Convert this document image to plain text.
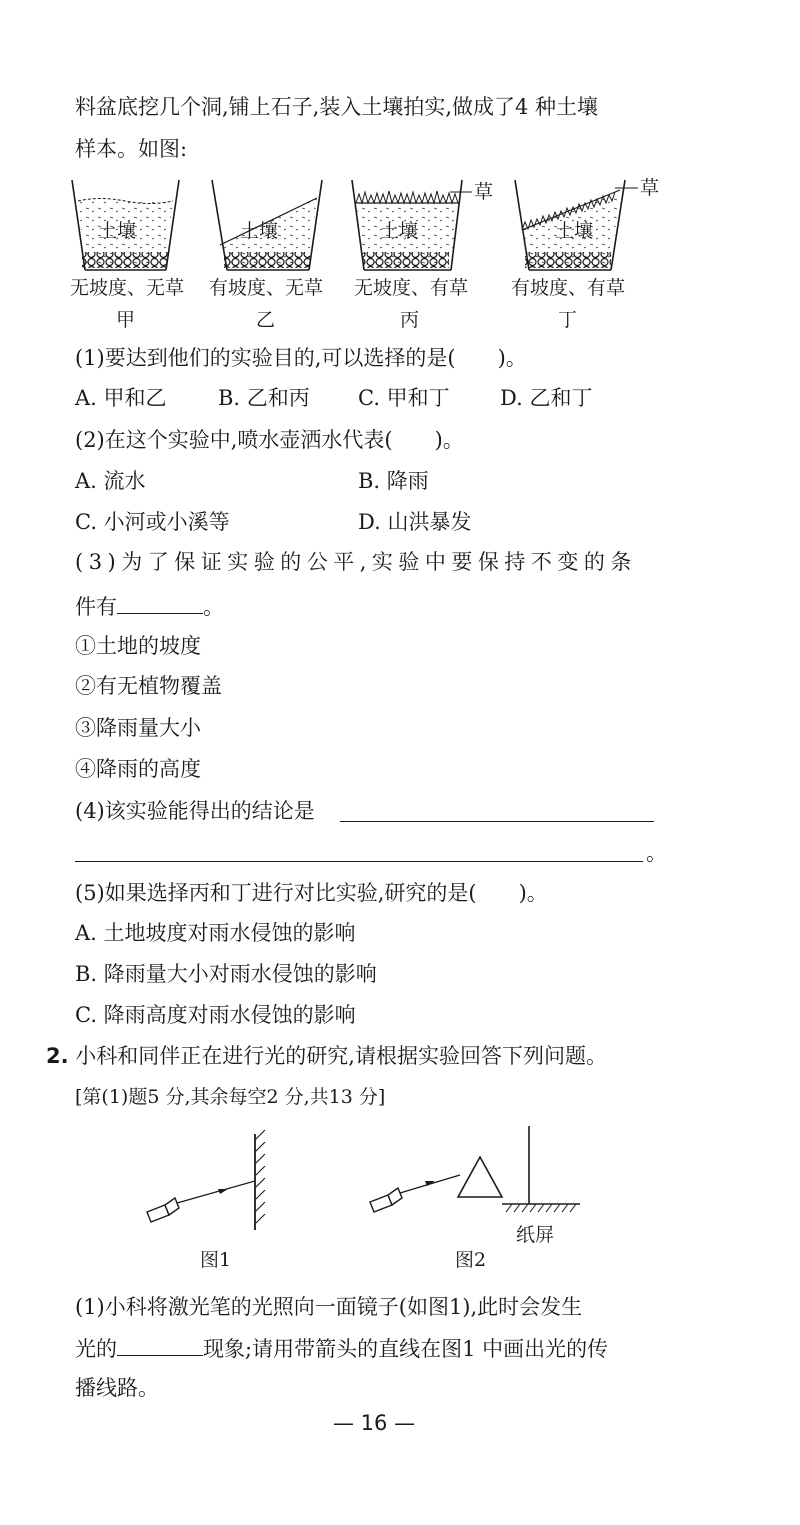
料盆底挖几个洞,铺上石子,装入土壤拍实,做成了4 种土壤
样本。如图:
土壤	土壤	土壤
草
土壤
草
无坡度、无草
甲
有坡度、无草
乙
无坡度、有草
丙
有坡度、有草
丁
(1)要达到他们的实验目的,可以选择的是(　　)。
A. 甲和乙 B. 乙和丙 C. 甲和丁 D. 乙和丁
(2)在这个实验中,喷水壶洒水代表(　　)。
A. 流水	B. 降雨
C. 小河或小溪等	D. 山洪暴发
(3)为了保证实验的公平,实验中要保持不变的条
件有	。
①土地的坡度
②有无植物覆盖
③降雨量大小
④降雨的高度
(4)该实验能得出的结论是
。
(5)如果选择丙和丁进行对比实验,研究的是(　　)。
A. 土地坡度对雨水侵蚀的影响
B. 降雨量大小对雨水侵蚀的影响
C. 降雨高度对雨水侵蚀的影响
2. 小科和同伴正在进行光的研究,请根据实验回答下列问题。
[第(1)题5 分,其余每空2 分,共13 分]
纸屏
图1	图2
(1)小科将激光笔的光照向一面镜子(如图1),此时会发生
光的	现象;请用带箭头的直线在图1 中画出光的传
播线路。
— 16 —
